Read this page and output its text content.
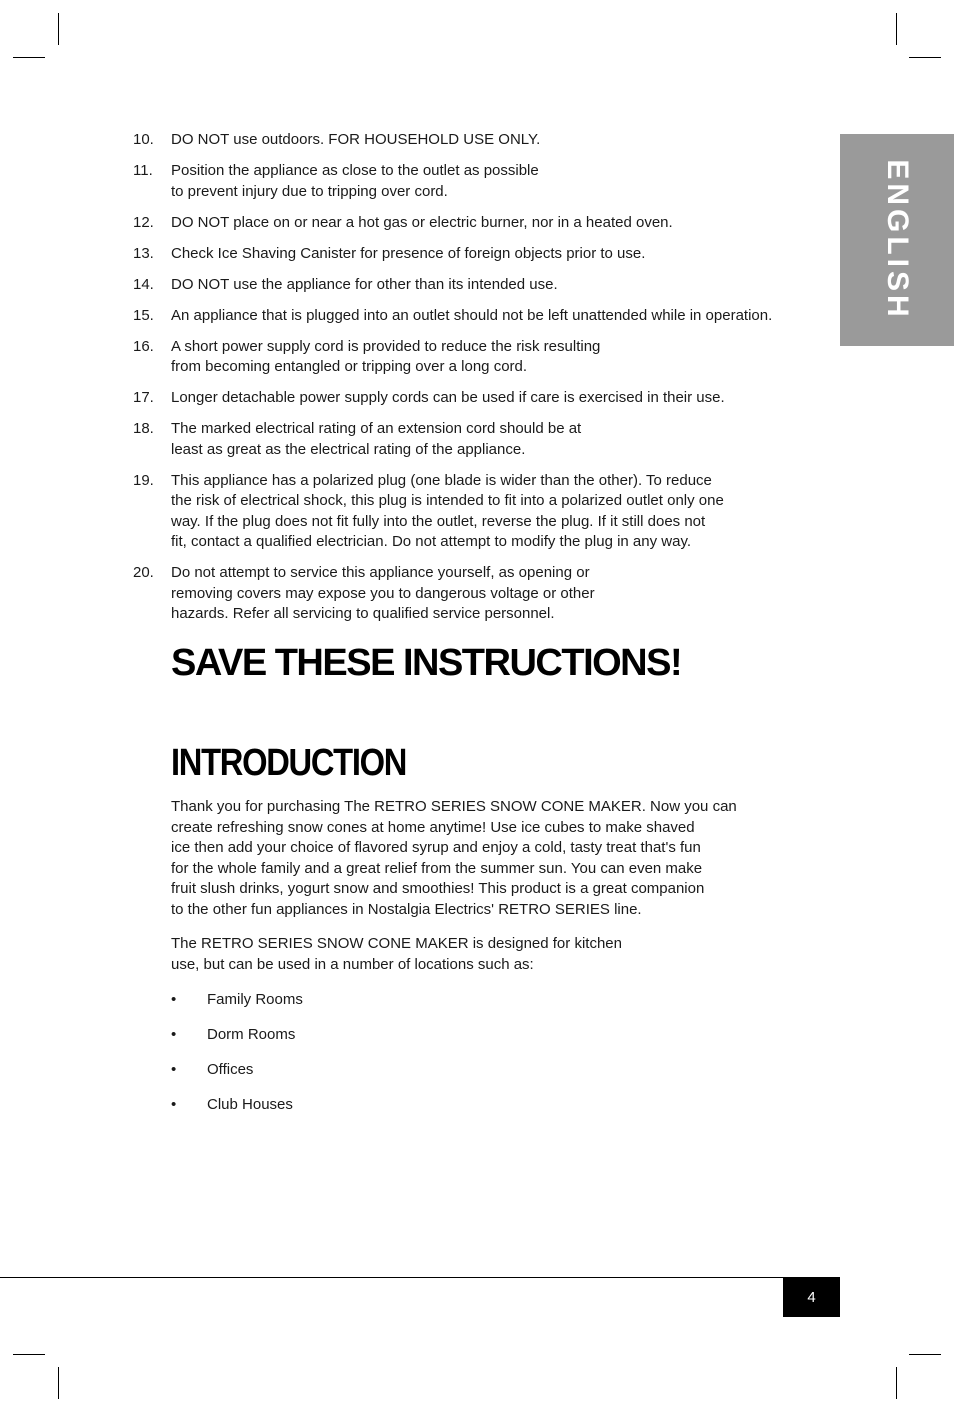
ENGLISH
10.	DO NOT use outdoors. FOR HOUSEHOLD USE ONLY.
11.	Position the appliance as close to the outlet as possible
to prevent injury due to tripping over cord.
12.	DO NOT place on or near a hot gas or electric burner, nor in a heated oven.
13.	Check Ice Shaving Canister for presence of foreign objects prior to use.
14.	DO NOT use the appliance for other than its intended use.
15.	An appliance that is plugged into an outlet should not be left unattended while in operation.
16.	A short power supply cord is provided to reduce the risk resulting
from becoming entangled or tripping over a long cord.
17.	Longer detachable power supply cords can be used if care is exercised in their use.
18.	The marked electrical rating of an extension cord should be at
least as great as the electrical rating of the appliance.
19.	This appliance has a polarized plug (one blade is wider than the other). To reduce
the risk of electrical shock, this plug is intended to fit into a polarized outlet only one
way. If the plug does not fit fully into the outlet, reverse the plug. If it still does not
fit, contact a qualified electrician. Do not attempt to modify the plug in any way.
20.	Do not attempt to service this appliance yourself, as opening or
removing covers may expose you to dangerous voltage or other
hazards. Refer all servicing to qualified service personnel.
SAVE THESE INSTRUCTIONS!
INTRODUCTION
Thank you for purchasing The RETRO SERIES SNOW CONE MAKER. Now you can
create refreshing snow cones at home anytime! Use ice cubes to make shaved
ice then add your choice of flavored syrup and enjoy a cold, tasty treat that's fun
for the whole family and a great relief from the summer sun. You can even make
fruit slush drinks, yogurt snow and smoothies! This product is a great companion
to the other fun appliances in Nostalgia Electrics' RETRO SERIES line.
The RETRO SERIES SNOW CONE MAKER is designed for kitchen
use, but can be used in a number of locations such as:
•	Family Rooms
•	Dorm Rooms
•	Offices
•	Club Houses
4
